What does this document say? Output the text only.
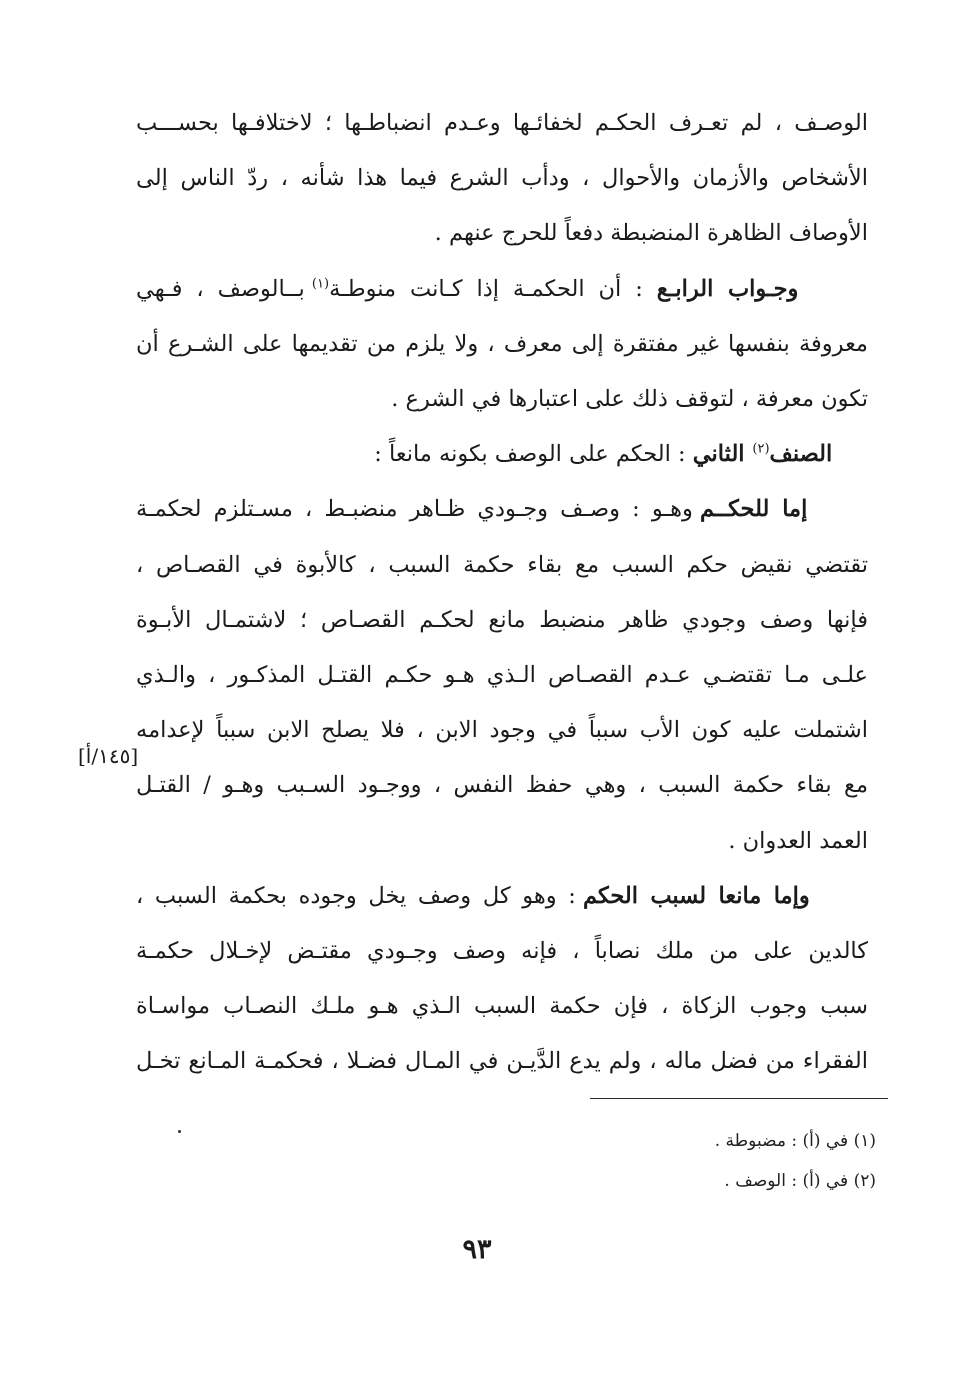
الوصـف ، لم تعـرف الحكـم لخفائـها وعـدم انضباطـها ؛ لاختلافـها بحســـب
الأشخاص والأزمان والأحوال ، ودأب الشرع فيما هذا شأنه ، ردّ الناس إلى
الأوصاف الظاهرة المنضبطة دفعاً للحرج عنهم .
وجـواب الرابـع : أن الحكمـة إذا كـانت منوطـة$^{(١)}$ بــالوصف ، فـهي
معروفة بنفسها غير مفتقرة إلى معرف ، ولا يلزم من تقديمها على الشـرع أن
تكون معرفة ، لتوقف ذلك على اعتبارها في الشرع .
الصنف$^{(٢)}$ الثاني : الحكم على الوصف بكونه مانعاً :
إما للحكــم وهـو : وصـف وجـودي ظـاهر منضبـط ، مسـتلزم لحكمـة
تقتضي نقيض حكم السبب مع بقاء حكمة السبب ، كالأبوة في القصـاص ،
فإنها وصف وجودي ظاهر منضبط مانع لحكـم القصـاص ؛ لاشتمـال الأبـوة
علـى مـا تقتضـي عـدم القصـاص الـذي هـو حكـم القتـل المذكـور ، والـذي
اشتملت عليه كون الأب سبباً في وجود الابن ، فلا يصلح الابن سبباً لإعدامه
مع بقاء حكمة السبب ، وهي حفظ النفس ، ووجـود السـبب وهـو / القتـل
العمد العدوان .
وإما مانعا لسبب الحكم : وهو كل وصف يخل وجوده بحكمة السبب ،
كالدين على من ملك نصاباً ، فإنه وصف وجـودي مقتـض لإخـلال حكمـة
سبب وجوب الزكاة ، فإن حكمة السبب الـذي هـو ملـك النصـاب مواسـاة
الفقراء من فضل ماله ، ولم يدع الدَّيـن في المـال فضـلا ، فحكمـة المـانع تخـل
[١٤٥/أ]
(١) في (أ) : مضبوطة .
(٢) في (أ) : الوصف .
٩٣
